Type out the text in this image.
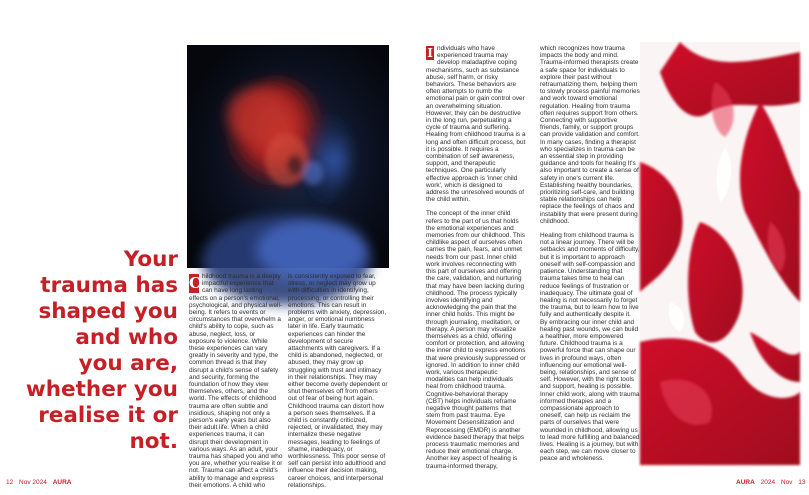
Your
trauma has
shaped you
and who
you are,
whether you
realise it or
not.

C hildhood trauma is a deeply impactful experience that can have long lasting effects on a person's emotional, psychological, and physical well-being. It refers to events or circumstances that overwhelm a child's ability to cope, such as abuse, neglect, loss, or exposure to violence. While these experiences can vary greatly in severity and type, the common thread is that they disrupt a child's sense of safety and security, forming the foundation of how they view themselves, others, and the world. The effects of childhood trauma are often subtle and insidious, shaping not only a person's early years but also their adult life. When a child experiences trauma, it can disrupt their development in various ways. As an adult, your trauma has shaped you and who you are, whether you realise it or not. Trauma can affect a child's ability to manage and express their emotions. A child who

is consistently exposed to fear, stress, or neglect may grow up with difficulties in identifying, processing, or controlling their emotions. This can result in problems with anxiety, depression, anger, or emotional numbness later in life. Early traumatic experiences can hinder the development of secure attachments with caregivers. If a child is abandoned, neglected, or abused, they may grow up struggling with trust and intimacy in their relationships. They may either become overly dependent or shut themselves off from others out of fear of being hurt again. Childhood trauma can distort how a person sees themselves. If a child is constantly criticized, rejected, or invalidated, they may internalize these negative messages, leading to feelings of shame, inadequacy, or worthlessness. This poor sense of self can persist into adulthood and influence their decision making, career choices, and interpersonal relationships.

I ndividuals who have experienced trauma may develop maladaptive coping mechanisms, such as substance abuse, self harm, or risky behaviors. These behaviors are often attempts to numb the emotional pain or gain control over an overwhelming situation. However, they can be destructive in the long run, perpetuating a cycle of trauma and suffering. Healing from childhood trauma is a long and often difficult process, but it is possible. It requires a combination of self awareness, support, and therapeutic techniques. One particularly effective approach is 'inner child work', which is designed to address the unresolved wounds of the child within.

The concept of the inner child refers to the part of us that holds the emotional experiences and memories from our childhood. This childlike aspect of ourselves often carries the pain, fears, and unmet needs from our past. Inner child work involves reconnecting with this part of ourselves and offering the care, validation, and nurturing that may have been lacking during childhood. The process typically involves identifying and acknowledging the pain that the inner child holds. This might be through journaling, meditation, or therapy. A person may visualize themselves as a child, offering comfort or protection, and allowing the inner child to express emotions that were previously suppressed or ignored. In addition to inner child work, various therapeutic modalities can help individuals heal from childhood trauma. Cognitive-behavioral therapy (CBT) helps individuals reframe negative thought patterns that stem from past trauma. Eye Movement Desensitization and Reprocessing (EMDR) is another evidence based therapy that helps process traumatic memories and reduce their emotional charge. Another key aspect of healing is trauma-informed therapy,

which recognizes how trauma impacts the body and mind. Trauma-informed therapists create a safe space for individuals to explore their past without retraumatizing them, helping them to slowly process painful memories and work toward emotional regulation. Healing from trauma often requires support from others. Connecting with supportive friends, family, or support groups can provide validation and comfort. In many cases, finding a therapist who specializes in trauma can be an essential step in providing guidance and tools for healing It's also important to create a sense of safety in one's current life. Establishing healthy boundaries, prioritizing self-care, and building stable relationships can help replace the feelings of chaos and instability that were present during childhood.

Healing from childhood trauma is not a linear journey. There will be setbacks and moments of difficulty, but it is important to approach oneself with self-compassion and patience. Understanding that trauma takes time to heal can reduce feelings of frustration or inadequacy. The ultimate goal of healing is not necessarily to forget the trauma, but to learn how to live fully and authentically despite it. By embracing our inner child and healing past wounds, we can build a healthier, more empowered future. Childhood trauma is a powerful force that can shape our lives in profound ways, often influencing our emotional well-being, relationships, and sense of self. However, with the right tools and support, healing is possible. Inner child work, along with trauma informed therapies and a compassionate approach to oneself, can help us reclaim the parts of ourselves that were wounded in childhood, allowing us to lead more fulfilling and balanced lives. Healing is a journey, but with each step, we can move closer to peace and wholeness.

12 Nov 2024 AURA	AURA 2024 Nov 13
